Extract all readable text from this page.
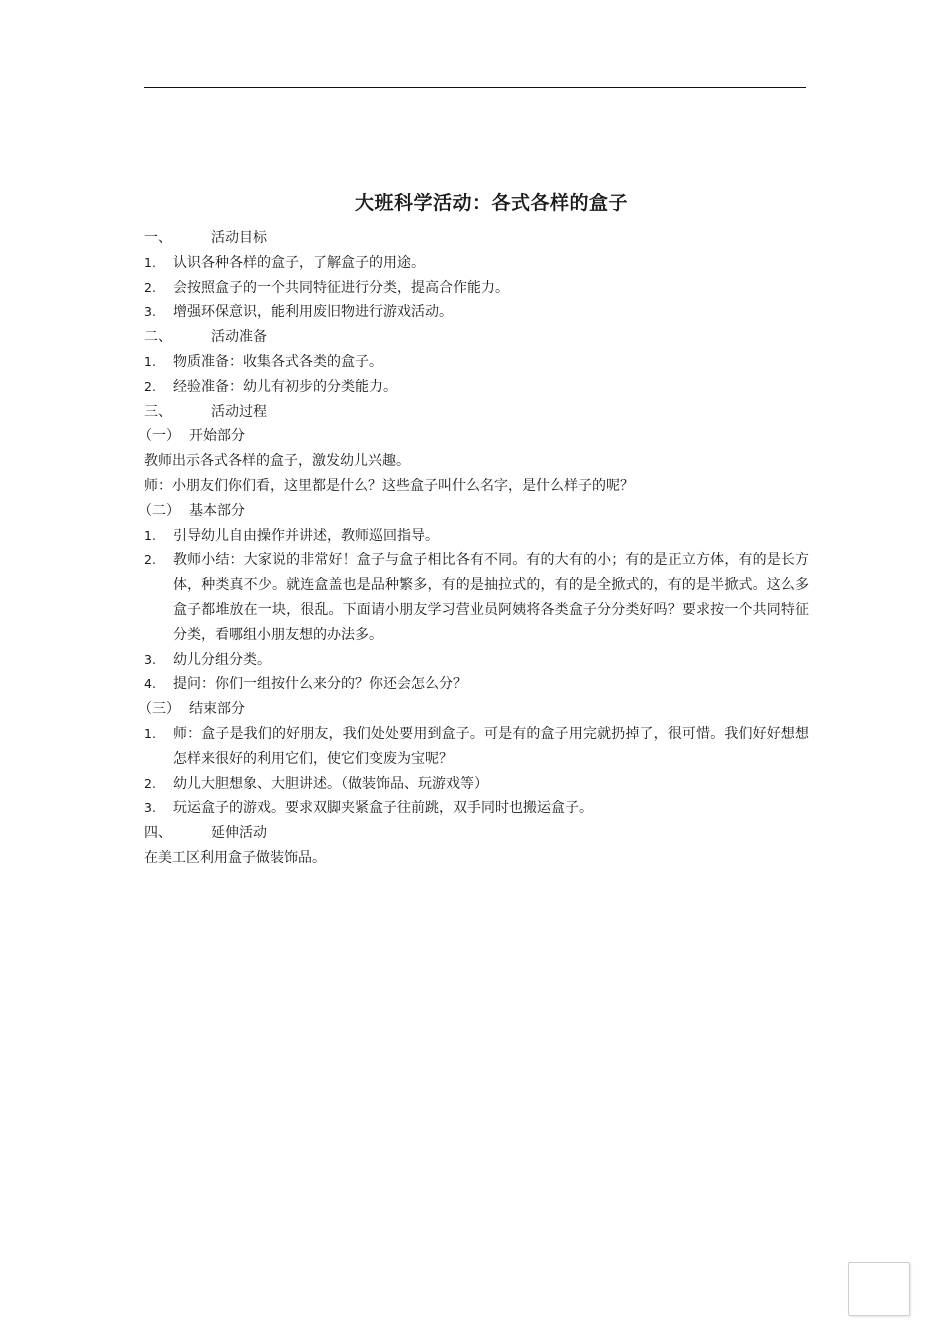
大班科学活动：各式各样的盒子
一、	活动目标
1.	认识各种各样的盒子，了解盒子的用途。
2.	会按照盒子的一个共同特征进行分类，提高合作能力。
3.	增强环保意识，能利用废旧物进行游戏活动。
二、	活动准备
1.	物质准备：收集各式各类的盒子。
2.	经验准备：幼儿有初步的分类能力。
三、	活动过程
（一） 开始部分
教师出示各式各样的盒子，激发幼儿兴趣。
师：小朋友们你们看，这里都是什么？这些盒子叫什么名字，是什么样子的呢？
（二） 基本部分
1.	引导幼儿自由操作并讲述，教师巡回指导。
2.	教师小结：大家说的非常好！盒子与盒子相比各有不同。有的大有的小；有的是正立方体，有的是长方体，种类真不少。就连盒盖也是品种繁多，有的是抽拉式的，有的是全掀式的，有的是半掀式。这么多盒子都堆放在一块，很乱。下面请小朋友学习营业员阿姨将各类盒子分分类好吗？要求按一个共同特征分类，看哪组小朋友想的办法多。
3.	幼儿分组分类。
4.	提问：你们一组按什么来分的？你还会怎么分？
（三） 结束部分
1.	师：盒子是我们的好朋友，我们处处要用到盒子。可是有的盒子用完就扔掉了，很可惜。我们好好想想怎样来很好的利用它们，使它们变废为宝呢？
2.	幼儿大胆想象、大胆讲述。（做装饰品、玩游戏等）
3.	玩运盒子的游戏。要求双脚夹紧盒子往前跳，双手同时也搬运盒子。
四、	延伸活动
在美工区利用盒子做装饰品。
